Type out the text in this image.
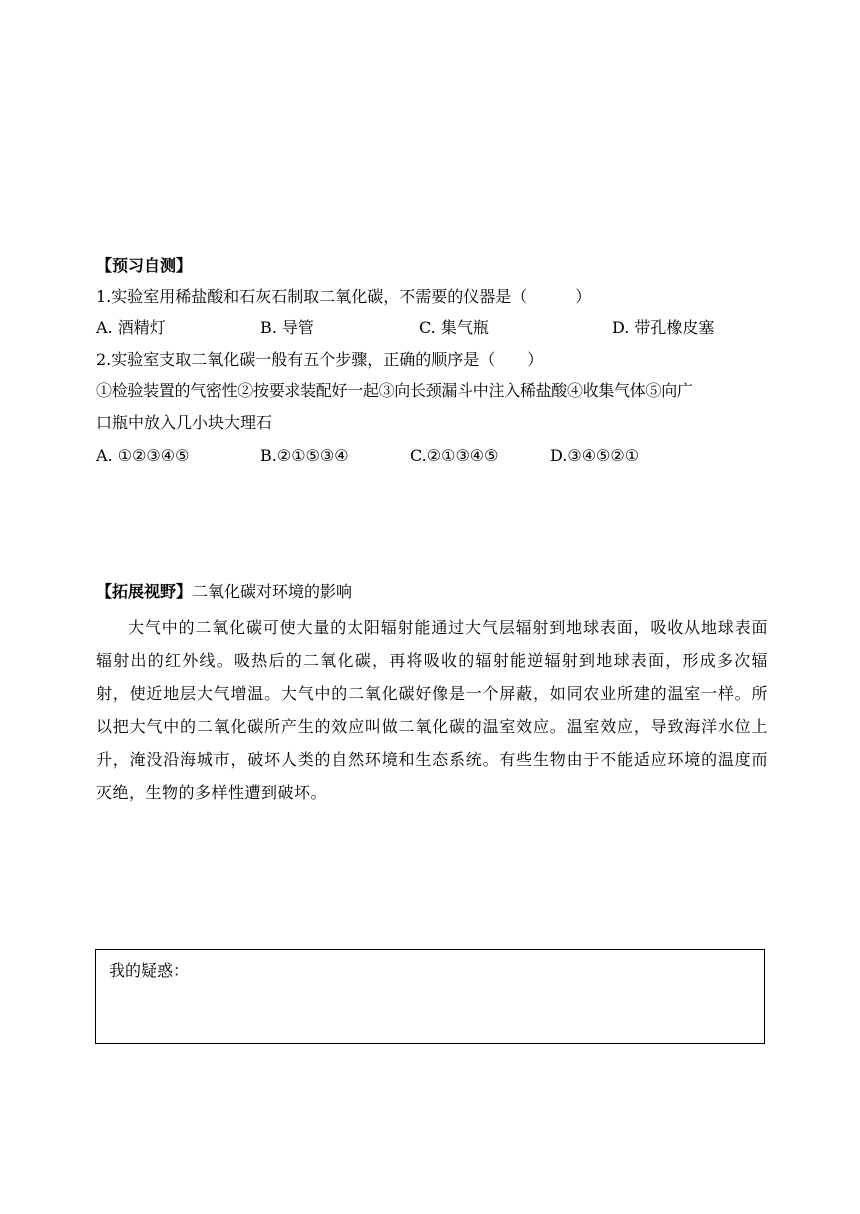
【预习自测】
1.实验室用稀盐酸和石灰石制取二氧化碳，不需要的仪器是（　　　）
A. 酒精灯	B. 导管	C. 集气瓶	D. 带孔橡皮塞
2.实验室支取二氧化碳一般有五个步骤，正确的顺序是（　　）
①检验装置的气密性②按要求装配好一起③向长颈漏斗中注入稀盐酸④收集气体⑤向广
口瓶中放入几小块大理石
A. ①②③④⑤	B.②①⑤③④	C.②①③④⑤	D.③④⑤②①
【拓展视野】二氧化碳对环境的影响
大气中的二氧化碳可使大量的太阳辐射能通过大气层辐射到地球表面，吸收从地球表面辐射出的红外线。吸热后的二氧化碳，再将吸收的辐射能逆辐射到地球表面，形成多次辐射，使近地层大气增温。大气中的二氧化碳好像是一个屏蔽，如同农业所建的温室一样。所以把大气中的二氧化碳所产生的效应叫做二氧化碳的温室效应。温室效应，导致海洋水位上升，淹没沿海城市，破坏人类的自然环境和生态系统。有些生物由于不能适应环境的温度而灭绝，生物的多样性遭到破坏。
我的疑惑：
